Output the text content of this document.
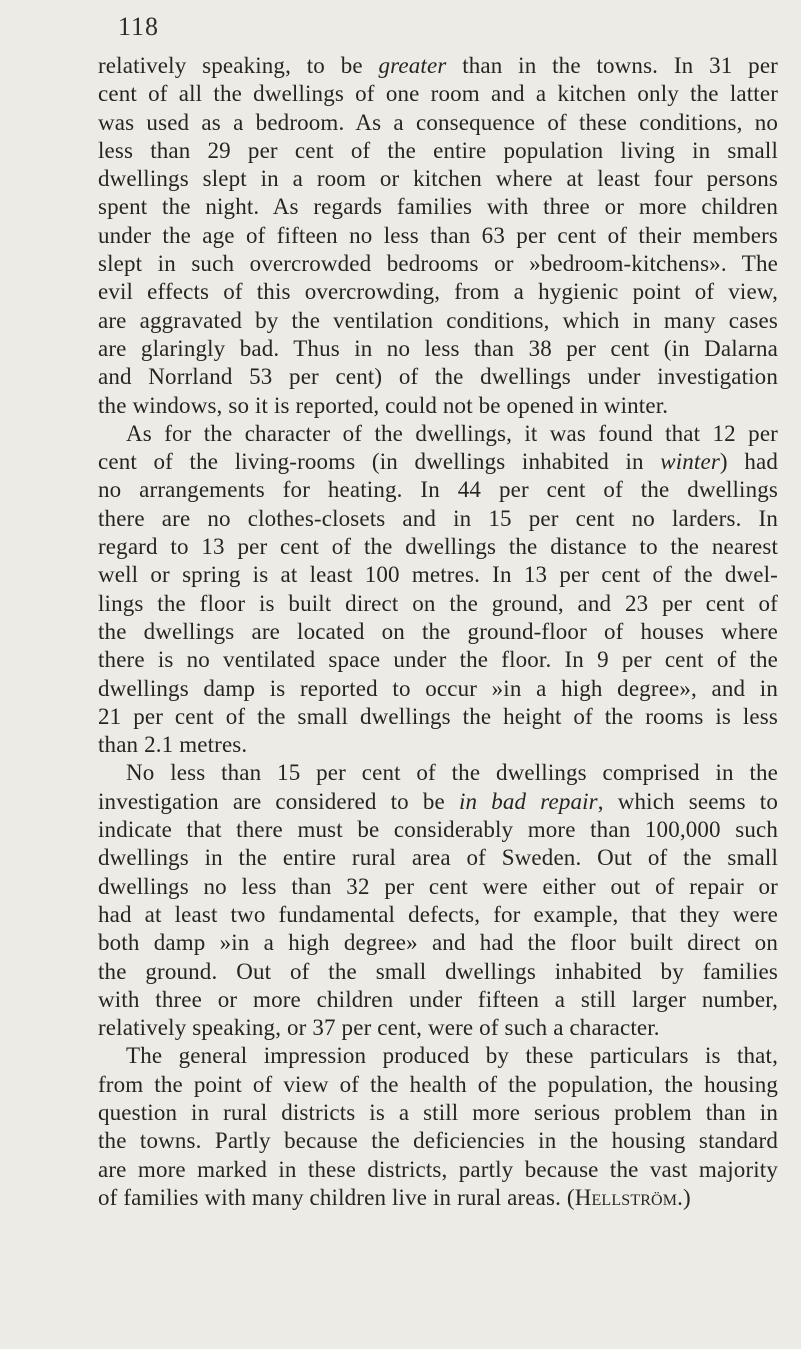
118
relatively speaking, to be greater than in the towns. In 31 per
cent of all the dwellings of one room and a kitchen only the latter
was used as a bedroom. As a consequence of these conditions, no
less than 29 per cent of the entire population living in small
dwellings slept in a room or kitchen where at least four persons
spent the night. As regards families with three or more children
under the age of fifteen no less than 63 per cent of their members
slept in such overcrowded bedrooms or »bedroom-kitchens». The
evil effects of this overcrowding, from a hygienic point of view,
are aggravated by the ventilation conditions, which in many cases
are glaringly bad. Thus in no less than 38 per cent (in Dalarna
and Norrland 53 per cent) of the dwellings under investigation
the windows, so it is reported, could not be opened in winter.
As for the character of the dwellings, it was found that 12 per
cent of the living-rooms (in dwellings inhabited in winter) had
no arrangements for heating. In 44 per cent of the dwellings
there are no clothes-closets and in 15 per cent no larders. In
regard to 13 per cent of the dwellings the distance to the nearest
well or spring is at least 100 metres. In 13 per cent of the dwel-
lings the floor is built direct on the ground, and 23 per cent of
the dwellings are located on the ground-floor of houses where
there is no ventilated space under the floor. In 9 per cent of the
dwellings damp is reported to occur »in a high degree», and in
21 per cent of the small dwellings the height of the rooms is less
than 2.1 metres.
No less than 15 per cent of the dwellings comprised in the
investigation are considered to be in bad repair, which seems to
indicate that there must be considerably more than 100,000 such
dwellings in the entire rural area of Sweden. Out of the small
dwellings no less than 32 per cent were either out of repair or
had at least two fundamental defects, for example, that they were
both damp »in a high degree» and had the floor built direct on
the ground. Out of the small dwellings inhabited by families
with three or more children under fifteen a still larger number,
relatively speaking, or 37 per cent, were of such a character.
The general impression produced by these particulars is that,
from the point of view of the health of the population, the housing
question in rural districts is a still more serious problem than in
the towns. Partly because the deficiencies in the housing standard
are more marked in these districts, partly because the vast majority
of families with many children live in rural areas. (Hellström.)
